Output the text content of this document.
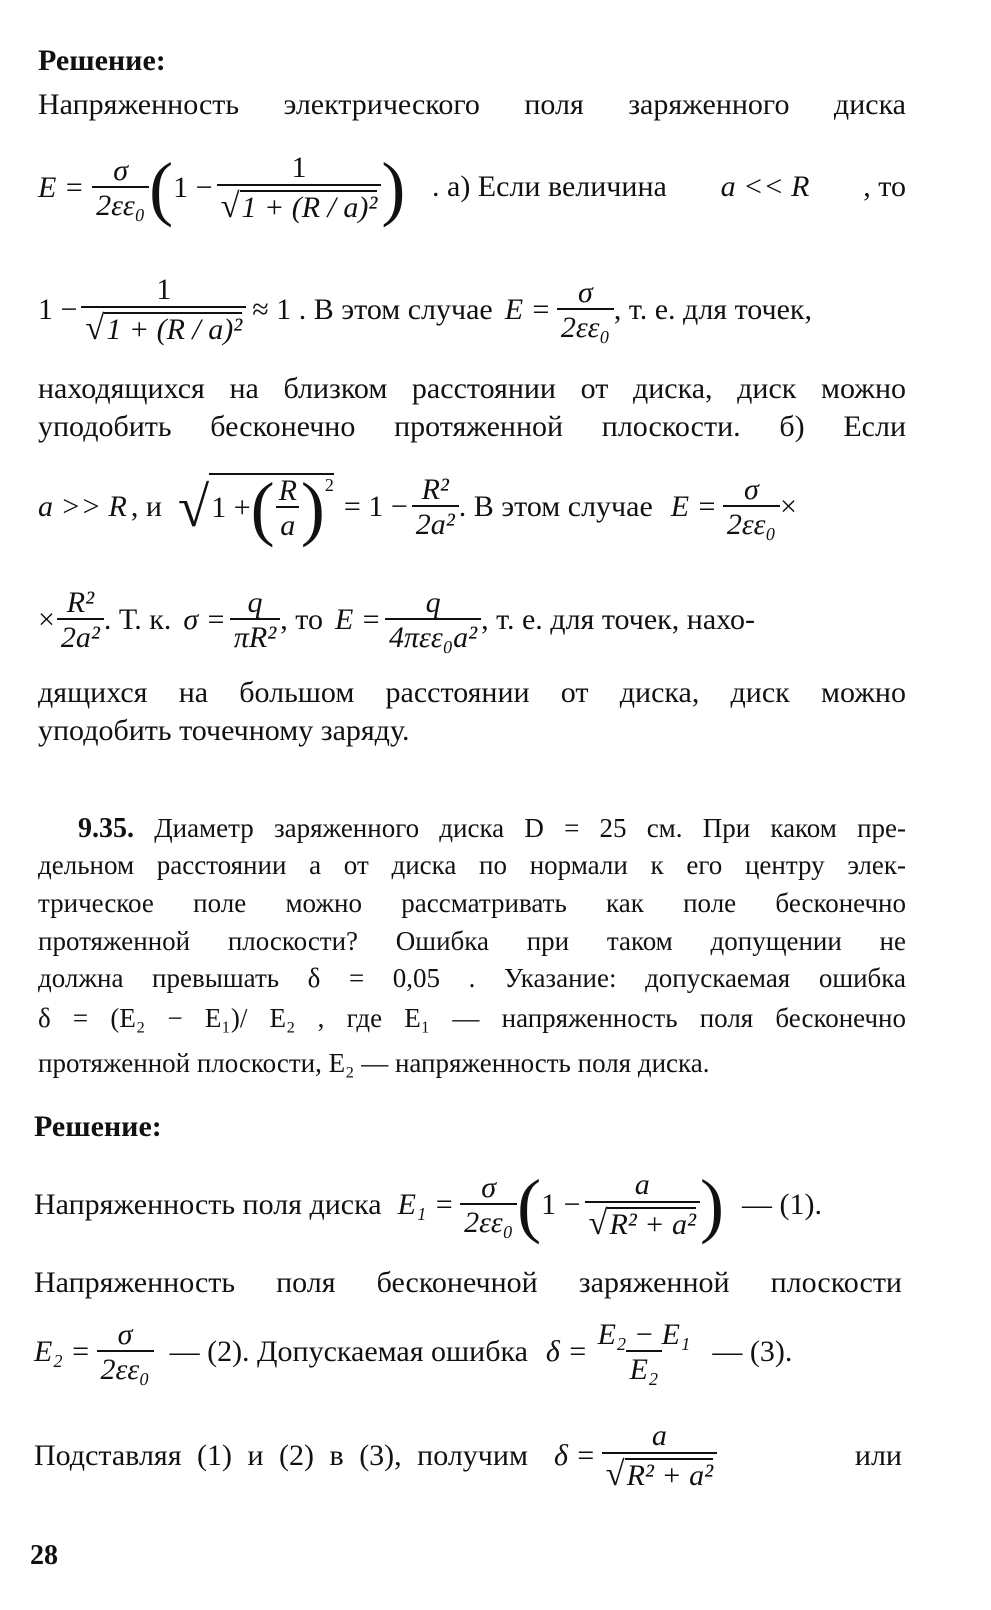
Решение:
Напряженность электрического поля заряженного диска
$E = \frac{\sigma}{\text{2εε₀}}$ ( $1 - \frac{1}{\text{√1 + (R / a)²}}$ ) . а) Если величина a << R , то
$1 - \frac{1}{\text{√1 + (R / a)²}} \approx 1$ . В этом случае $E = \frac{\sigma}{\text{2εε₀}}$ , т. е. для точек,
находящихся на близком расстоянии от диска, диск можно
уподобить бесконечно протяженной плоскости. б) Если
a >> R , и √ 1 + ( $\frac{R}{a} )^2$
= $1 - \frac{\text{R²}}{\text{2a²}}$ . В этом случае $E = \frac{\sigma}{\text{2εε₀}}$ ×
× $\frac{\text{R²}}{\text{2a²}}$ . Т. к. $\sigma = \frac{q}{\text{πR²}}$ , то $E = \frac{q}{\text{4πεε₀a²}}$ , т. е. для точек, нахо-
дящихся на большом расстоянии от диска, диск можно
уподобить точечному заряду.
9.35. Диаметр заряженного диска D = 25 см. При каком пре-
дельном расстоянии a от диска по нормали к его центру элек-
трическое поле можно рассматривать как поле бесконечно
протяженной плоскости? Ошибка при таком допущении не
должна превышать δ = 0,05 . Указание: допускаемая ошибка
δ = (E₂ − E₁)/ E₂ , где E₁ — напряженность поля бесконечно
протяженной плоскости, E₂ — напряженность поля диска.
Решение:
Напряженность поля диска $E_1 = \frac{\sigma}{\text{2εε₀}}$ ( $1 - \frac{a}{\text{√R² + a²}}$ ) — (1).
Напряженность поля бесконечной заряженной плоскости
$E_2 = \frac{\sigma}{\text{2εε₀}}$ — (2). Допускаемая ошибка $\delta = \frac{\text{E₂ − E₁}}{\text{E₂}}$ — (3).
Подставляя (1) и (2) в (3), получим $\delta = \frac{a}{\text{√R² + a²}}$	или
28
